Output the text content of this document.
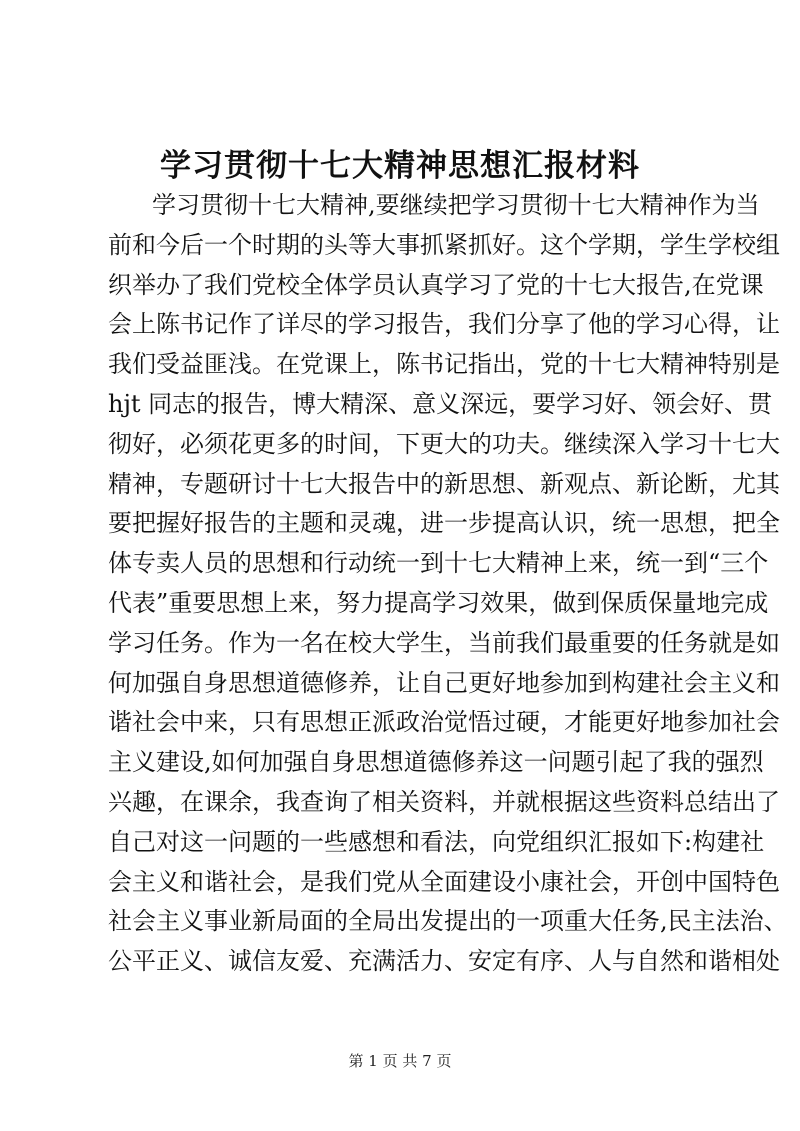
学习贯彻十七大精神思想汇报材料
学习贯彻十七大精神,要继续把学习贯彻十七大精神作为当
前和今后一个时期的头等大事抓紧抓好。这个学期，学生学校组
织举办了我们党校全体学员认真学习了党的十七大报告,在党课
会上陈书记作了详尽的学习报告，我们分享了他的学习心得，让
我们受益匪浅。在党课上，陈书记指出，党的十七大精神特别是
hjt 同志的报告，博大精深、意义深远，要学习好、领会好、贯
彻好，必须花更多的时间，下更大的功夫。继续深入学习十七大
精神，专题研讨十七大报告中的新思想、新观点、新论断，尤其
要把握好报告的主题和灵魂，进一步提高认识，统一思想，把全
体专卖人员的思想和行动统一到十七大精神上来，统一到“三个
代表”重要思想上来，努力提高学习效果，做到保质保量地完成
学习任务。作为一名在校大学生，当前我们最重要的任务就是如
何加强自身思想道德修养，让自己更好地参加到构建社会主义和
谐社会中来，只有思想正派政治觉悟过硬，才能更好地参加社会
主义建设,如何加强自身思想道德修养这一问题引起了我的强烈
兴趣，在课余，我查询了相关资料，并就根据这些资料总结出了
自己对这一问题的一些感想和看法，向党组织汇报如下:构建社
会主义和谐社会，是我们党从全面建设小康社会，开创中国特色
社会主义事业新局面的全局出发提出的一项重大任务,民主法治、
公平正义、诚信友爱、充满活力、安定有序、人与自然和谐相处
第 1 页 共 7 页
